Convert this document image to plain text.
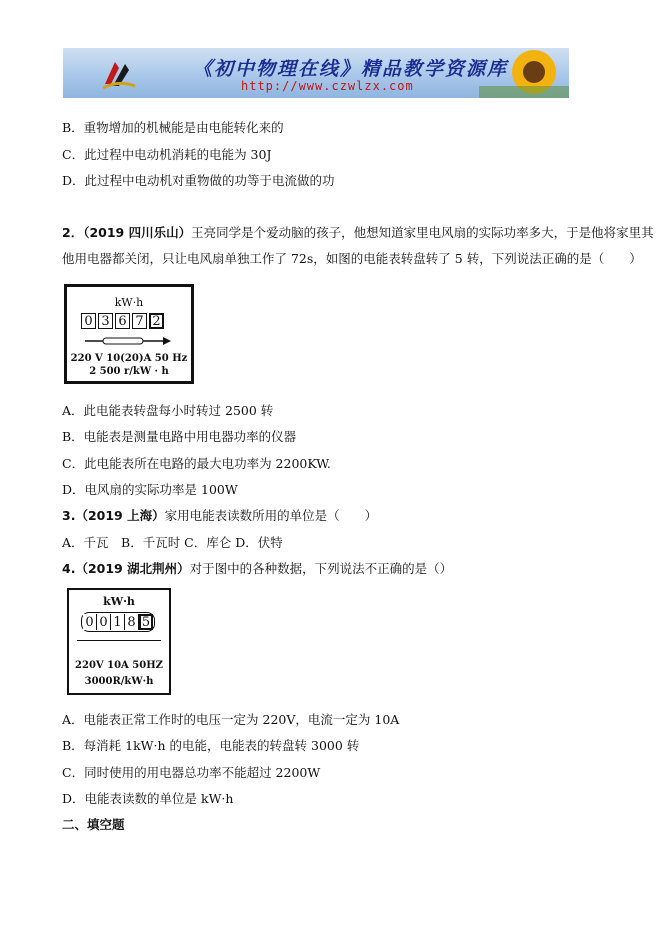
《初中物理在线》精品教学资源库
http://www.czwlzx.com
B．重物增加的机械能是由电能转化来的
C．此过程中电动机消耗的电能为 30J
D．此过程中电动机对重物做的功等于电流做的功
2．（2019 四川乐山）王亮同学是个爱动脑的孩子，他想知道家里电风扇的实际功率多大，于是他将家里其
他用电器都关闭，只让电风扇单独工作了 72s，如图的电能表转盘转了 5 转，下列说法正确的是（　　）
kW·h
0 3 6 7 2
220 V 10(20)A 50 Hz
2 500 r/kW · h
A．此电能表转盘每小时转过 2500 转
B．电能表是测量电路中用电器功率的仪器
C．此电能表所在电路的最大电功率为 2200KW.
D．电风扇的实际功率是 100W
3.（2019 上海）家用电能表读数所用的单位是（　　）
A．千瓦　B．千瓦时 C．库仑 D．伏特
4.（2019 湖北荆州）对于图中的各种数据，下列说法不正确的是（）
kW·h
0 0 1 8 5
220V 10A 50HZ
3000R/kW·h
A．电能表正常工作时的电压一定为 220V，电流一定为 10A
B．每消耗 1kW·h 的电能，电能表的转盘转 3000 转
C．同时使用的用电器总功率不能超过 2200W
D．电能表读数的单位是 kW·h
二、填空题
